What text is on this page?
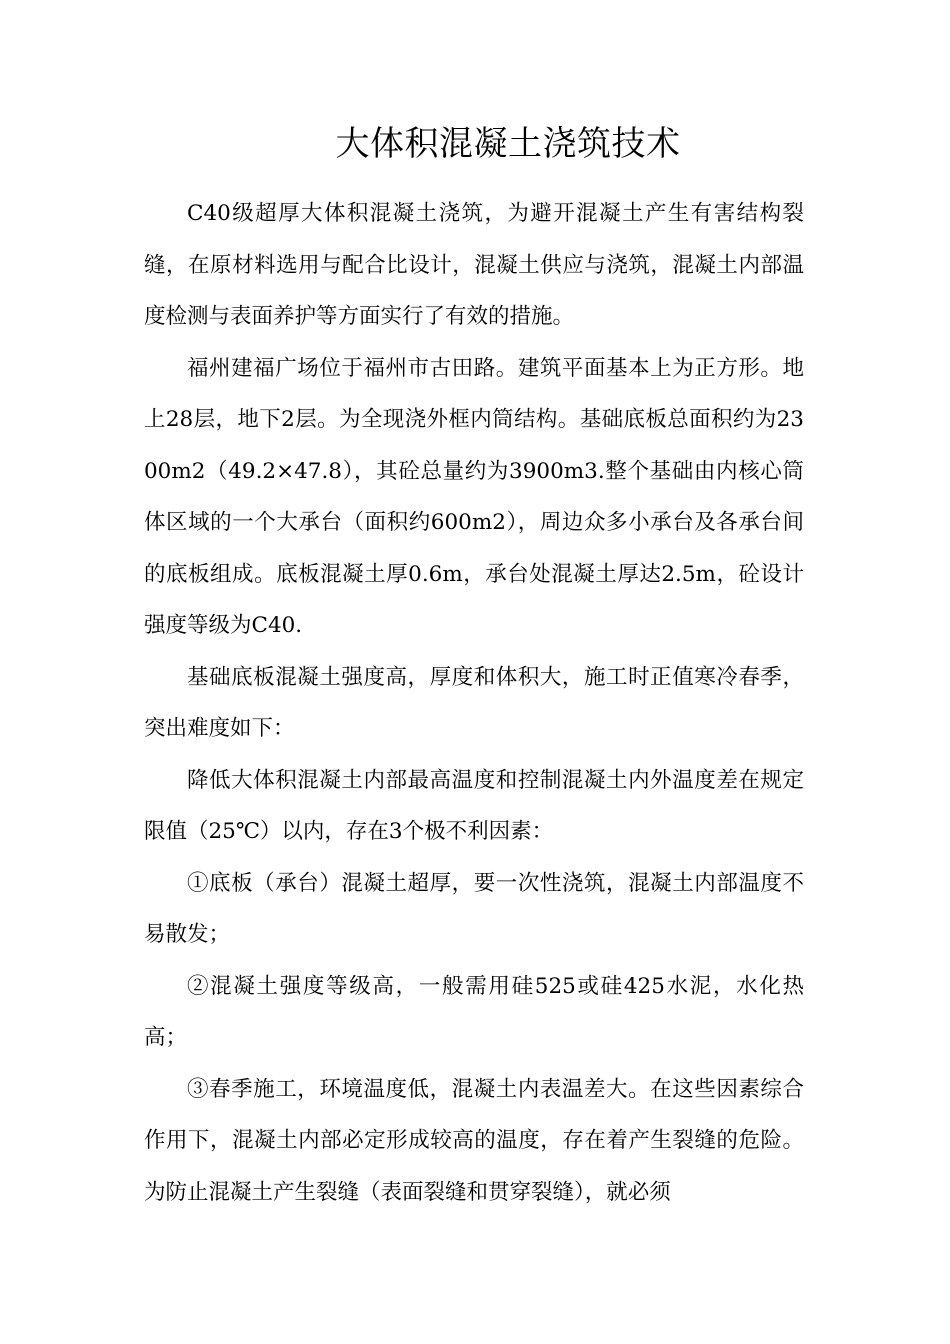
大体积混凝土浇筑技术

C40级超厚大体积混凝土浇筑，为避开混凝土产生有害结构裂缝，在原材料选用与配合比设计，混凝土供应与浇筑，混凝土内部温度检测与表面养护等方面实行了有效的措施。

福州建福广场位于福州市古田路。建筑平面基本上为正方形。地上28层，地下2层。为全现浇外框内筒结构。基础底板总面积约为2300m2（49.2×47.8），其砼总量约为3900m3.整个基础由内核心筒体区域的一个大承台（面积约600m2），周边众多小承台及各承台间的底板组成。底板混凝土厚0.6m，承台处混凝土厚达2.5m，砼设计强度等级为C40.

基础底板混凝土强度高，厚度和体积大，施工时正值寒冷春季，突出难度如下：

降低大体积混凝土内部最高温度和控制混凝土内外温度差在规定限值（25℃）以内，存在3个极不利因素：

①底板（承台）混凝土超厚，要一次性浇筑，混凝土内部温度不易散发；

②混凝土强度等级高，一般需用硅525或硅425水泥，水化热高；

③春季施工，环境温度低，混凝土内表温差大。在这些因素综合作用下，混凝土内部必定形成较高的温度，存在着产生裂缝的危险。为防止混凝土产生裂缝（表面裂缝和贯穿裂缝），就必须
